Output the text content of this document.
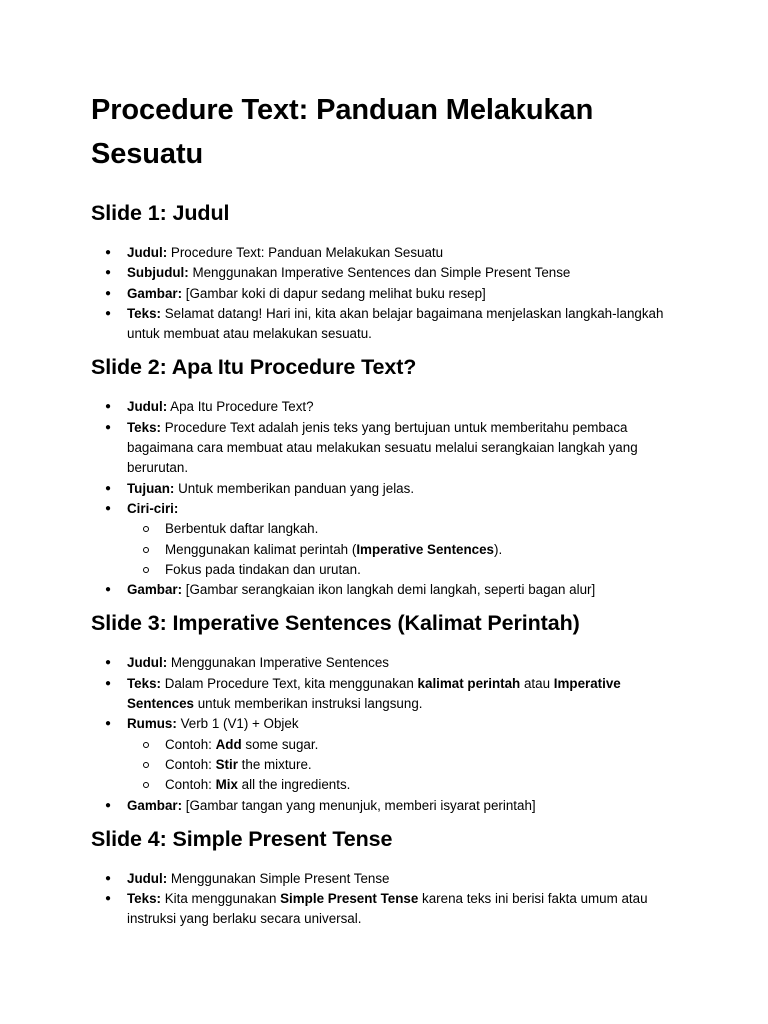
Procedure Text: Panduan Melakukan Sesuatu
Slide 1: Judul
● Judul: Procedure Text: Panduan Melakukan Sesuatu
● Subjudul: Menggunakan Imperative Sentences dan Simple Present Tense
● Gambar: [Gambar koki di dapur sedang melihat buku resep]
● Teks: Selamat datang! Hari ini, kita akan belajar bagaimana menjelaskan langkah-langkah untuk membuat atau melakukan sesuatu.
Slide 2: Apa Itu Procedure Text?
● Judul: Apa Itu Procedure Text?
● Teks: Procedure Text adalah jenis teks yang bertujuan untuk memberitahu pembaca bagaimana cara membuat atau melakukan sesuatu melalui serangkaian langkah yang berurutan.
● Tujuan: Untuk memberikan panduan yang jelas.
● Ciri-ciri:
Berbentuk daftar langkah.
Menggunakan kalimat perintah (Imperative Sentences).
Fokus pada tindakan dan urutan.
● Gambar: [Gambar serangkaian ikon langkah demi langkah, seperti bagan alur]
Slide 3: Imperative Sentences (Kalimat Perintah)
● Judul: Menggunakan Imperative Sentences
● Teks: Dalam Procedure Text, kita menggunakan kalimat perintah atau Imperative Sentences untuk memberikan instruksi langsung.
● Rumus: Verb 1 (V1) + Objek
Contoh: Add some sugar.
Contoh: Stir the mixture.
Contoh: Mix all the ingredients.
● Gambar: [Gambar tangan yang menunjuk, memberi isyarat perintah]
Slide 4: Simple Present Tense
● Judul: Menggunakan Simple Present Tense
● Teks: Kita menggunakan Simple Present Tense karena teks ini berisi fakta umum atau instruksi yang berlaku secara universal.
